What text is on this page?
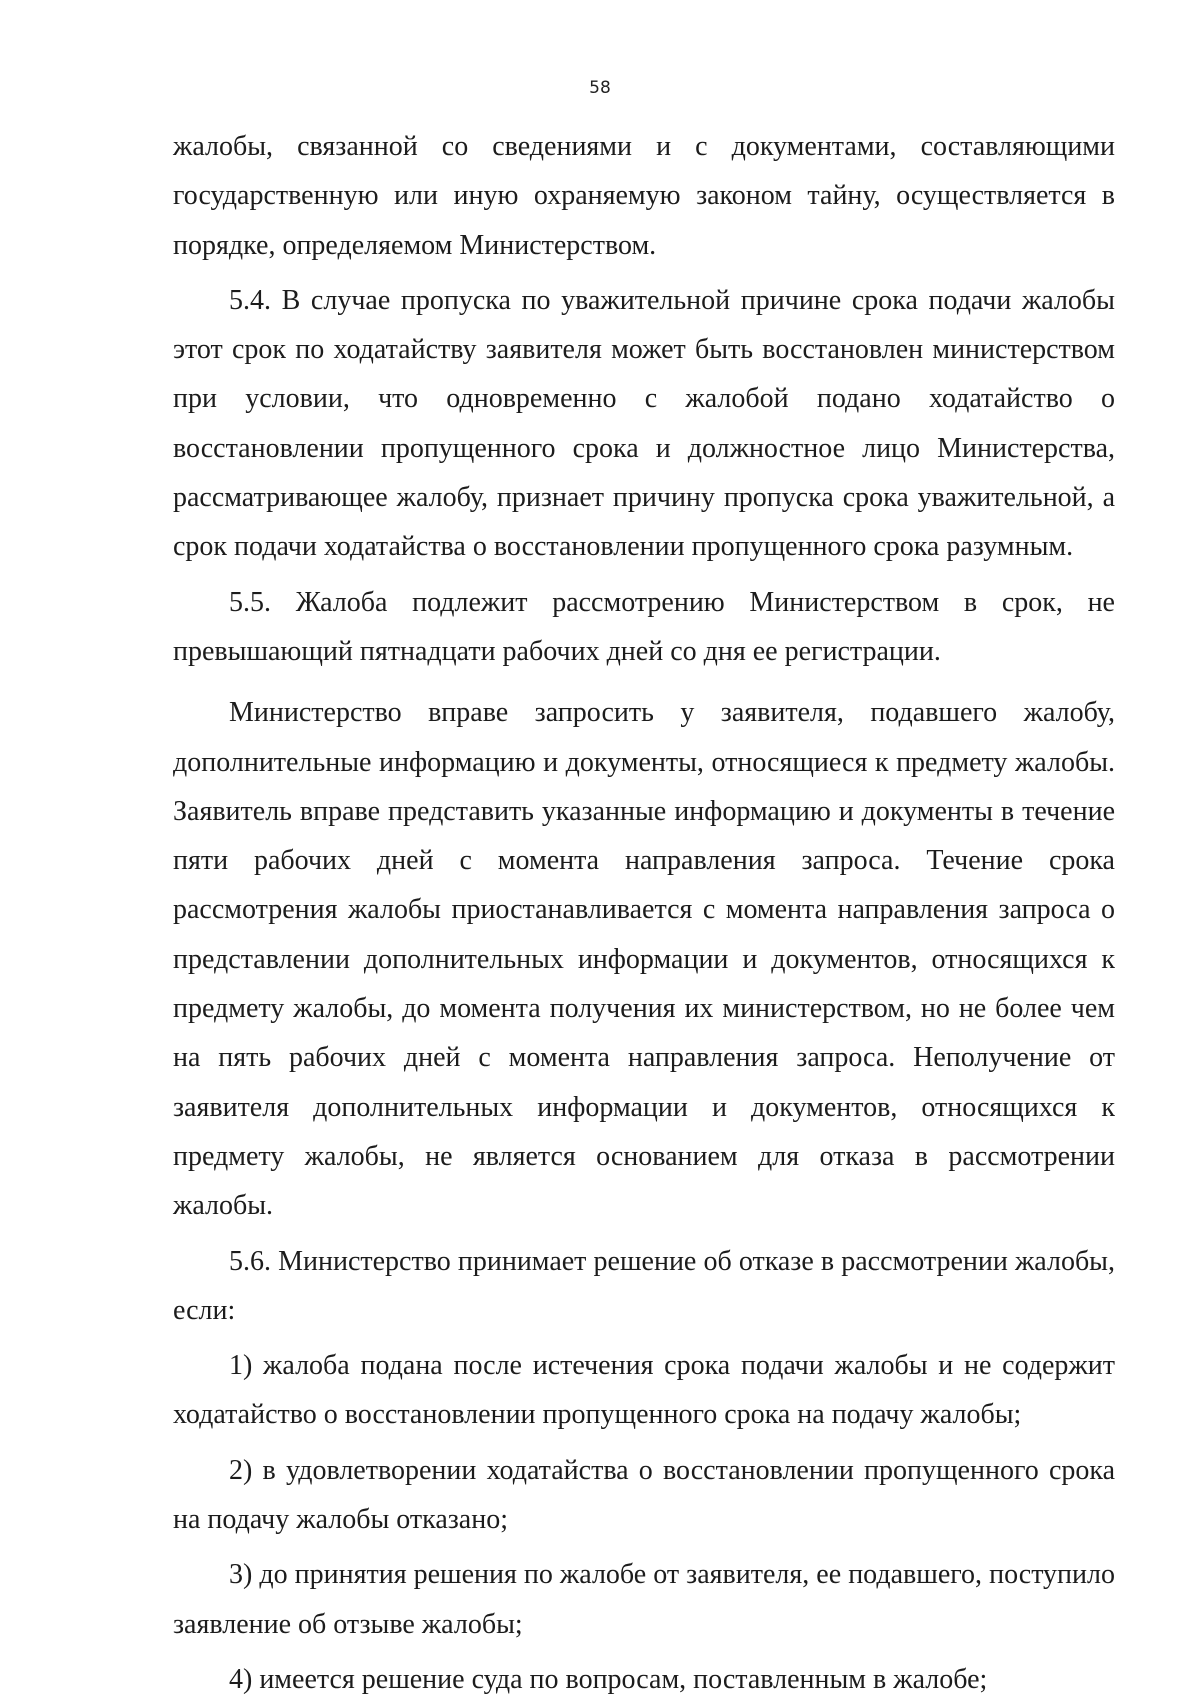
58

жалобы, связанной со сведениями и с документами, составляющими государственную или иную охраняемую законом тайну, осуществляется в порядке, определяемом Министерством.

5.4. В случае пропуска по уважительной причине срока подачи жалобы этот срок по ходатайству заявителя может быть восстановлен министерством при условии, что одновременно с жалобой подано ходатайство о восстановлении пропущенного срока и должностное лицо Министерства, рассматривающее жалобу, признает причину пропуска срока уважительной, а срок подачи ходатайства о восстановлении пропущенного срока разумным.

5.5. Жалоба подлежит рассмотрению Министерством в срок, не превышающий пятнадцати рабочих дней со дня ее регистрации.

Министерство вправе запросить у заявителя, подавшего жалобу, дополнительные информацию и документы, относящиеся к предмету жалобы. Заявитель вправе представить указанные информацию и документы в течение пяти рабочих дней с момента направления запроса. Течение срока рассмотрения жалобы приостанавливается с момента направления запроса о представлении дополнительных информации и документов, относящихся к предмету жалобы, до момента получения их министерством, но не более чем на пять рабочих дней с момента направления запроса. Неполучение от заявителя дополнительных информации и документов, относящихся к предмету жалобы, не является основанием для отказа в рассмотрении жалобы.

5.6. Министерство принимает решение об отказе в рассмотрении жалобы, если:

1) жалоба подана после истечения срока подачи жалобы и не содержит ходатайство о восстановлении пропущенного срока на подачу жалобы;

2) в удовлетворении ходатайства о восстановлении пропущенного срока на подачу жалобы отказано;

3) до принятия решения по жалобе от заявителя, ее подавшего, поступило заявление об отзыве жалобы;

4) имеется решение суда по вопросам, поставленным в жалобе;
